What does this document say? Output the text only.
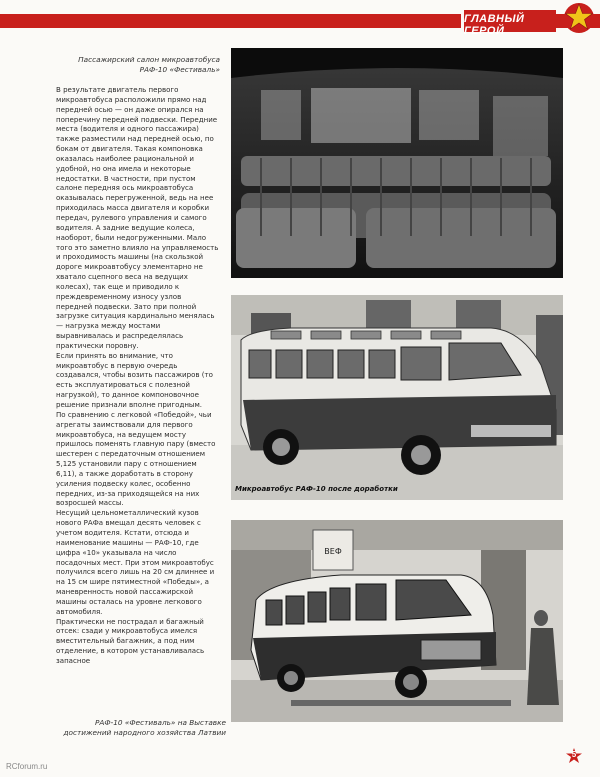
ГЛАВНЫЙ ГЕРОЙ
Пассажирский салон микроавтобуса РАФ-10 «Фестиваль»

В результате двигатель первого микроавтобуса расположили прямо над передней осью — он даже опирался на поперечину передней подвески. Передние места (водителя и одного пассажира) также разместили над передней осью, по бокам от двигателя. Такая компоновка оказалась наиболее рациональной и удобной, но она имела и некоторые недостатки. В частности, при пустом салоне передняя ось микроавтобуса оказывалась перегруженной, ведь на нее приходилась масса двигателя и коробки передач, рулевого управления и самого водителя. А задние ведущие колеса, наоборот, были недогруженными. Мало того это заметно влияло на управляемость и проходимость машины (на скользкой дороге микроавтобусу элементарно не хватало сцепного веса на ведущих колесах), так еще и приводило к преждевременному износу узлов передней подвески. Зато при полной загрузке ситуация кардинально менялась — нагрузка между мостами выравнивалась и распределялась практически поровну.

Если принять во внимание, что микроавтобус в первую очередь создавался, чтобы возить пассажиров (то есть эксплуатироваться с полезной нагрузкой), то данное компоновочное решение признали вполне пригодным.

По сравнению с легковой «Победой», чьи агрегаты заимствовали для первого микроавтобуса, на ведущем мосту пришлось поменять главную пару (вместо шестерен с передаточным отношением 5,125 установили пару с отношением 6,11), а также доработать в сторону усиления подвеску колес, особенно передних, из-за приходящейся на них возросшей массы.

Несущий цельнометаллический кузов нового РАФа вмещал десять человек с учетом водителя. Кстати, отсюда и наименование машины — РАФ-10, где цифра «10» указывала на число посадочных мест. При этом микроавтобус получился всего лишь на 20 см длиннее и на 15 см шире пятиместной «Победы», а маневренность новой пассажирской машины осталась на уровне легкового автомобиля.

Практически не пострадал и багажный отсек: сзади у микроавтобуса имелся вместительный багажник, а под ним отделение, в котором устанавливалась запасное

Микроавтобус РАФ-10 после доработки
ВЕФ
РАФ-10 «Фестиваль» на Выставке достижений народного хозяйства Латвии
5
RCforum.ru
